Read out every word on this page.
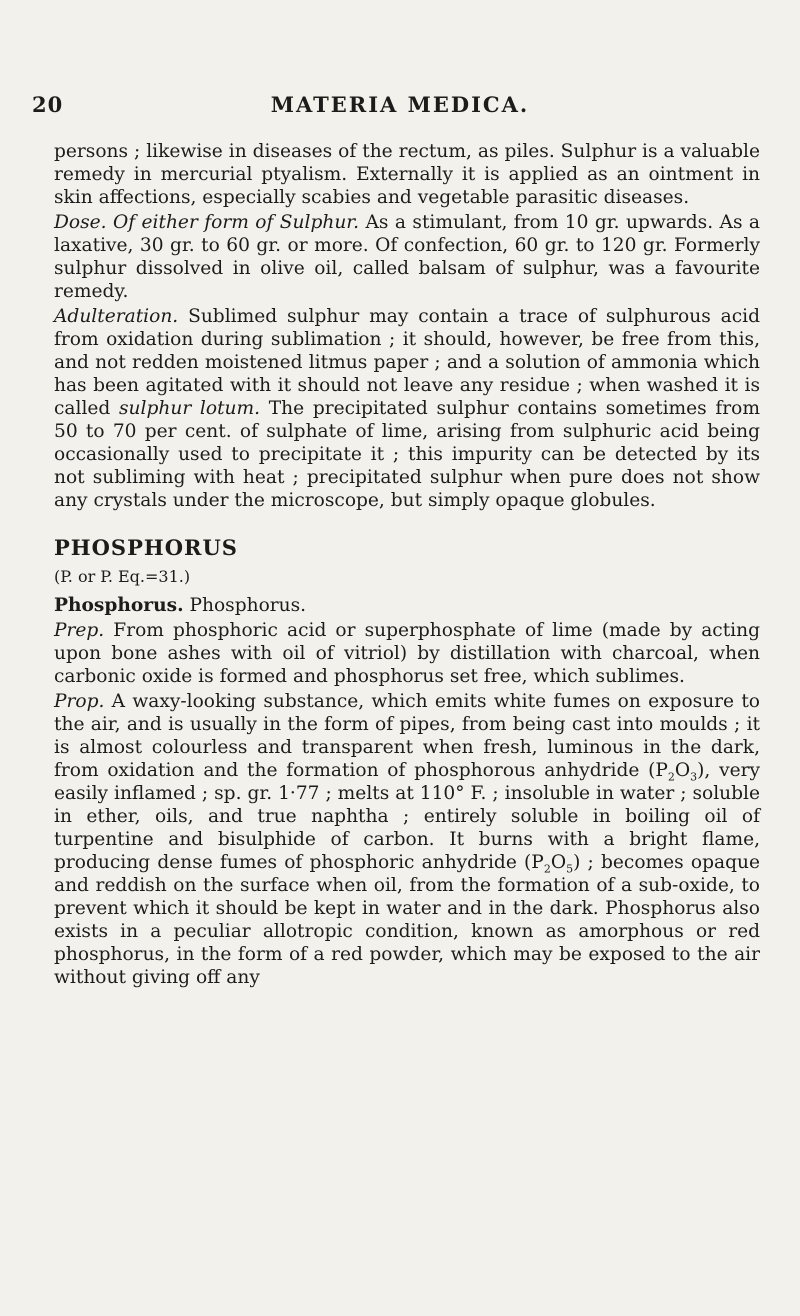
20	MATERIA MEDICA.

persons ; likewise in diseases of the rectum, as piles. Sulphur is a valuable remedy in mercurial ptyalism. Externally it is applied as an ointment in skin affections, especially scabies and vegetable parasitic diseases.

Dose. Of either form of Sulphur. As a stimulant, from 10 gr. upwards. As a laxative, 30 gr. to 60 gr. or more. Of confection, 60 gr. to 120 gr. Formerly sulphur dissolved in olive oil, called balsam of sulphur, was a favourite remedy.

Adulteration. Sublimed sulphur may contain a trace of sulphurous acid from oxidation during sublimation ; it should, however, be free from this, and not redden moistened litmus paper ; and a solution of ammonia which has been agitated with it should not leave any residue ; when washed it is called sulphur lotum. The precipitated sulphur contains sometimes from 50 to 70 per cent. of sulphate of lime, arising from sulphuric acid being occasionally used to precipitate it ; this impurity can be detected by its not subliming with heat ; precipitated sulphur when pure does not show any crystals under the microscope, but simply opaque globules.

PHOSPHORUS

(P. or P. Eq.=31.)

Phosphorus. Phosphorus.

Prep. From phosphoric acid or superphosphate of lime (made by acting upon bone ashes with oil of vitriol) by distillation with charcoal, when carbonic oxide is formed and phosphorus set free, which sublimes.

Prop. A waxy-looking substance, which emits white fumes on exposure to the air, and is usually in the form of pipes, from being cast into moulds ; it is almost colourless and transparent when fresh, luminous in the dark, from oxidation and the formation of phosphorous anhydride $(P_2O_3)$, very easily inflamed ; sp. gr. 1·77 ; melts at 110° F. ; insoluble in water ; soluble in ether, oils, and true naphtha ; entirely soluble in boiling oil of turpentine and bisulphide of carbon. It burns with a bright flame, producing dense fumes of phosphoric anhydride $(P_2O_5)$ ; becomes opaque and reddish on the surface when oil, from the formation of a sub-oxide, to prevent which it should be kept in water and in the dark. Phosphorus also exists in a peculiar allotropic condition, known as amorphous or red phosphorus, in the form of a red powder, which may be exposed to the air without giving off any
